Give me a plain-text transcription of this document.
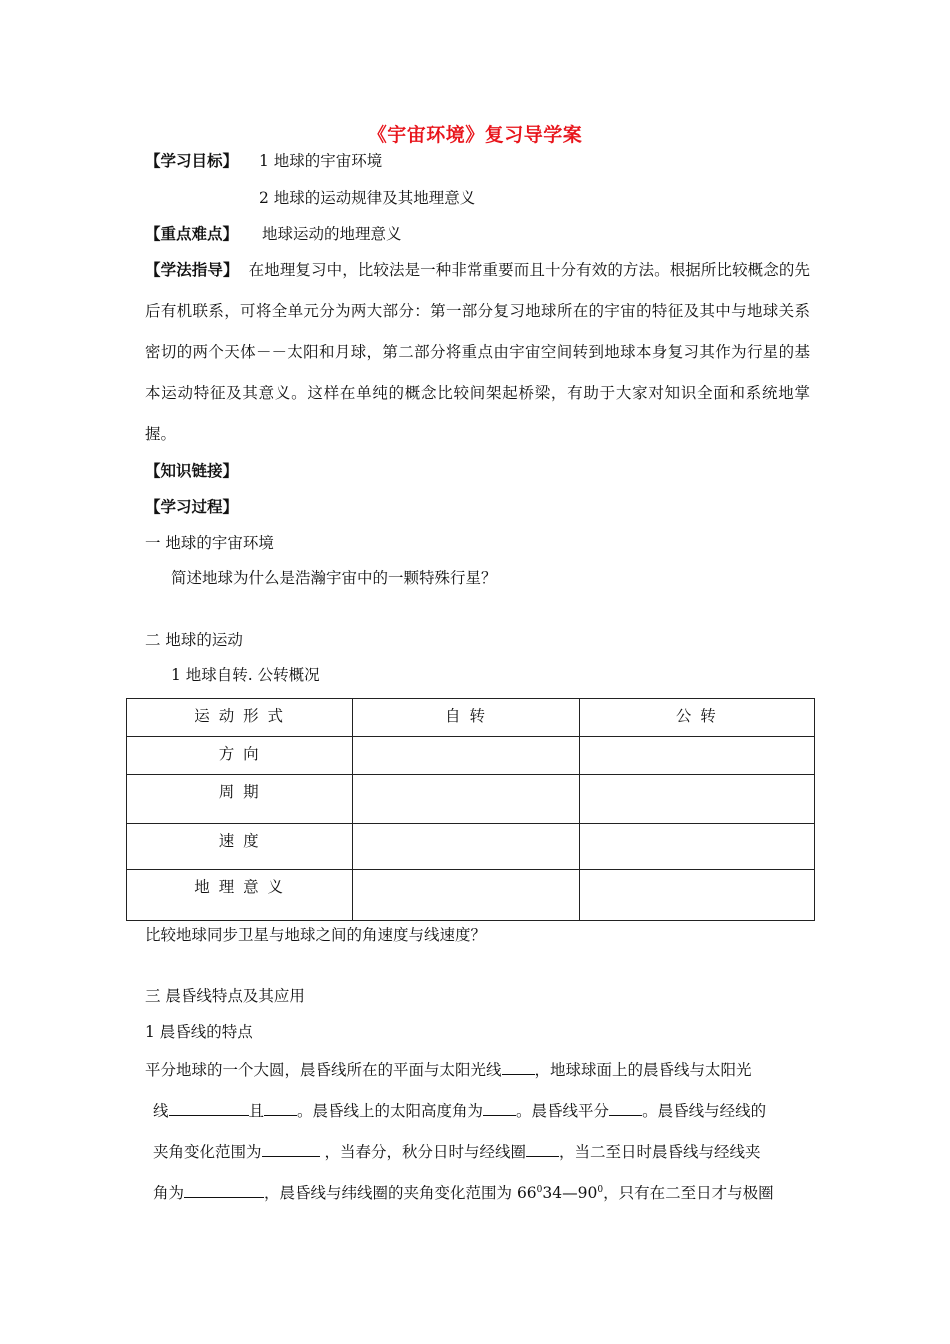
《宇宙环境》复习导学案
【学习目标】 1 地球的宇宙环境
2 地球的运动规律及其地理意义
【重点难点】 地球运动的地理意义
【学法指导】 在地理复习中，比较法是一种非常重要而且十分有效的方法。根据所比较概念的先后有机联系，可将全单元分为两大部分：第一部分复习地球所在的宇宙的特征及其中与地球关系密切的两个天体－－太阳和月球，第二部分将重点由宇宙空间转到地球本身复习其作为行星的基本运动特征及其意义。这样在单纯的概念比较间架起桥梁，有助于大家对知识全面和系统地掌握。
【知识链接】
【学习过程】
一 地球的宇宙环境
简述地球为什么是浩瀚宇宙中的一颗特殊行星？
二 地球的运动
1 地球自转. 公转概况
运 动 形 式	自 转	公 转
方 向		
周 期		
速 度		
地 理 意 义		
比较地球同步卫星与地球之间的角速度与线速度？
三 晨昏线特点及其应用
1 晨昏线的特点
平分地球的一个大圆，晨昏线所在的平面与太阳光线 ，地球球面上的晨昏线与太阳光
线	且 。晨昏线上的太阳高度角为 。晨昏线平分 。晨昏线与经线的
夹角变化范围为	，当春分，秋分日时与经线圈 ，当二至日时晨昏线与经线夹
角为	，晨昏线与纬线圈的夹角变化范围为 $66^034—90^0$，只有在二至日才与极圈
